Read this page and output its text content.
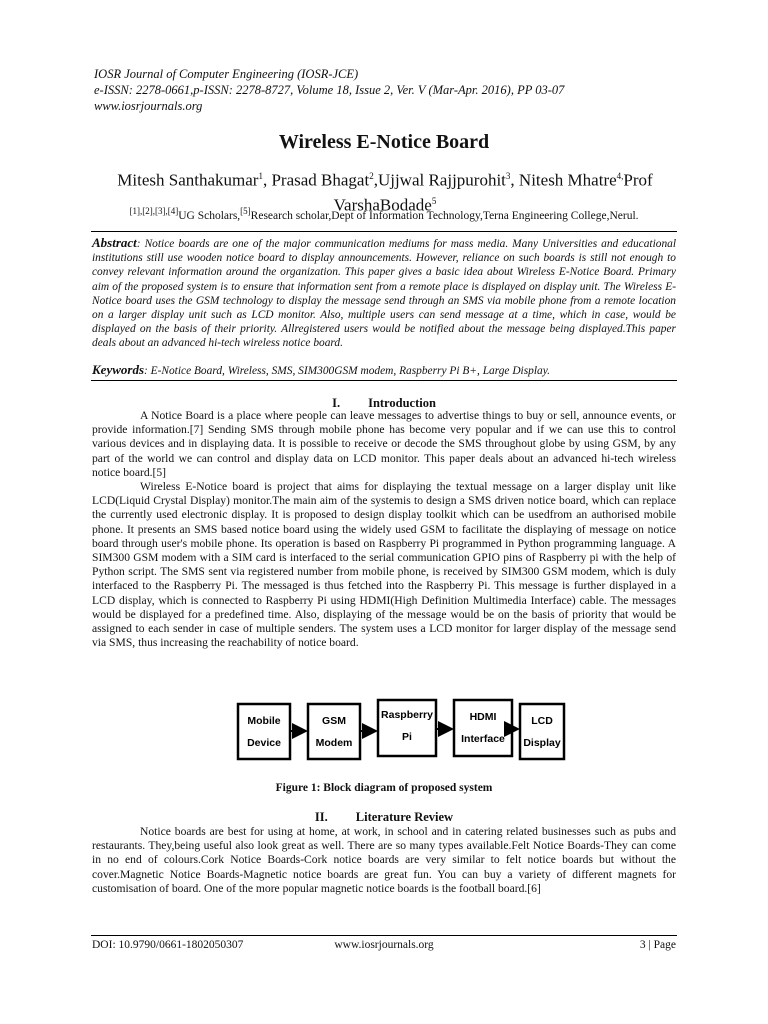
IOSR Journal of Computer Engineering (IOSR-JCE)
e-ISSN: 2278-0661,p-ISSN: 2278-8727, Volume 18, Issue 2, Ver. V (Mar-Apr. 2016), PP 03-07
www.iosrjournals.org
Wireless E-Notice Board
Mitesh Santhakumar$^1$, Prasad Bhagat$^2$,Ujjwal Rajjpurohit$^3$, Nitesh Mhatre$^{4,}$Prof VarshaBodade$^5$
[1],[2],[3],[4]UG Scholars,[5]Research scholar,Dept of Information Technology,Terna Engineering College,Nerul.
Abstract: Notice boards are one of the major communication mediums for mass media. Many Universities and educational institutions still use wooden notice board to display announcements. However, reliance on such boards is still not enough to convey relevant information around the organization. This paper gives a basic idea about Wireless E-Notice Board. Primary aim of the proposed system is to ensure that information sent from a remote place is displayed on display unit. The Wireless E-Notice board uses the GSM technology to display the message send through an SMS via mobile phone from a remote location on a larger display unit such as LCD monitor. Also, multiple users can send message at a time, which in case, would be displayed on the basis of their priority. Allregistered users would be notified about the message being displayed.This paper deals about an advanced hi-tech wireless notice board.
Keywords: E-Notice Board, Wireless, SMS, SIM300GSM modem, Raspberry Pi B+, Large Display.
I. Introduction

A Notice Board is a place where people can leave messages to advertise things to buy or sell, announce events, or provide information.[7] Sending SMS through mobile phone has become very popular and if we can use this to control various devices and in displaying data. It is possible to receive or decode the SMS throughout globe by using GSM, by any part of the world we can control and display data on LCD monitor. This paper deals about an advanced hi-tech wireless notice board.[5]

Wireless E-Notice board is project that aims for displaying the textual message on a larger display unit like LCD(Liquid Crystal Display) monitor.The main aim of the systemis to design a SMS driven notice board, which can replace the currently used electronic display. It is proposed to design display toolkit which can be usedfrom an authorised mobile phone. It presents an SMS based notice board using the widely used GSM to facilitate the displaying of message on notice board through user's mobile phone. Its operation is based on Raspberry Pi programmed in Python programming language. A SIM300 GSM modem with a SIM card is interfaced to the serial communication GPIO pins of Raspberry pi with the help of Python script. The SMS sent via registered number from mobile phone, is received by SIM300 GSM modem, which is duly interfaced to the Raspberry Pi. The messaged is thus fetched into the Raspberry Pi. This message is further displayed in a LCD display, which is connected to Raspberry Pi using HDMI(High Definition Multimedia Interface) cable. The messages would be displayed for a predefined time. Also, displaying of the message would be on the basis of priority that would be assigned to each sender in case of multiple senders. The system uses a LCD monitor for larger display of the message send via SMS, thus increasing the reachability of notice board.

Mobile
Device
GSM
Modem
Raspberry
Pi
HDMI
Interface
LCD
Display
Figure 1: Block diagram of proposed system
II. Literature Review

Notice boards are best for using at home, at work, in school and in catering related businesses such as pubs and restaurants. They,being useful also look great as well. There are so many types available.Felt Notice Boards-They can come in no end of colours.Cork Notice Boards-Cork notice boards are very similar to felt notice boards but without the cover.Magnetic Notice Boards-Magnetic notice boards are great fun. You can buy a variety of different magnets for customisation of board. One of the more popular magnetic notice boards is the football board.[6]

DOI: 10.9790/0661-1802050307	www.iosrjournals.org	3 | Page
